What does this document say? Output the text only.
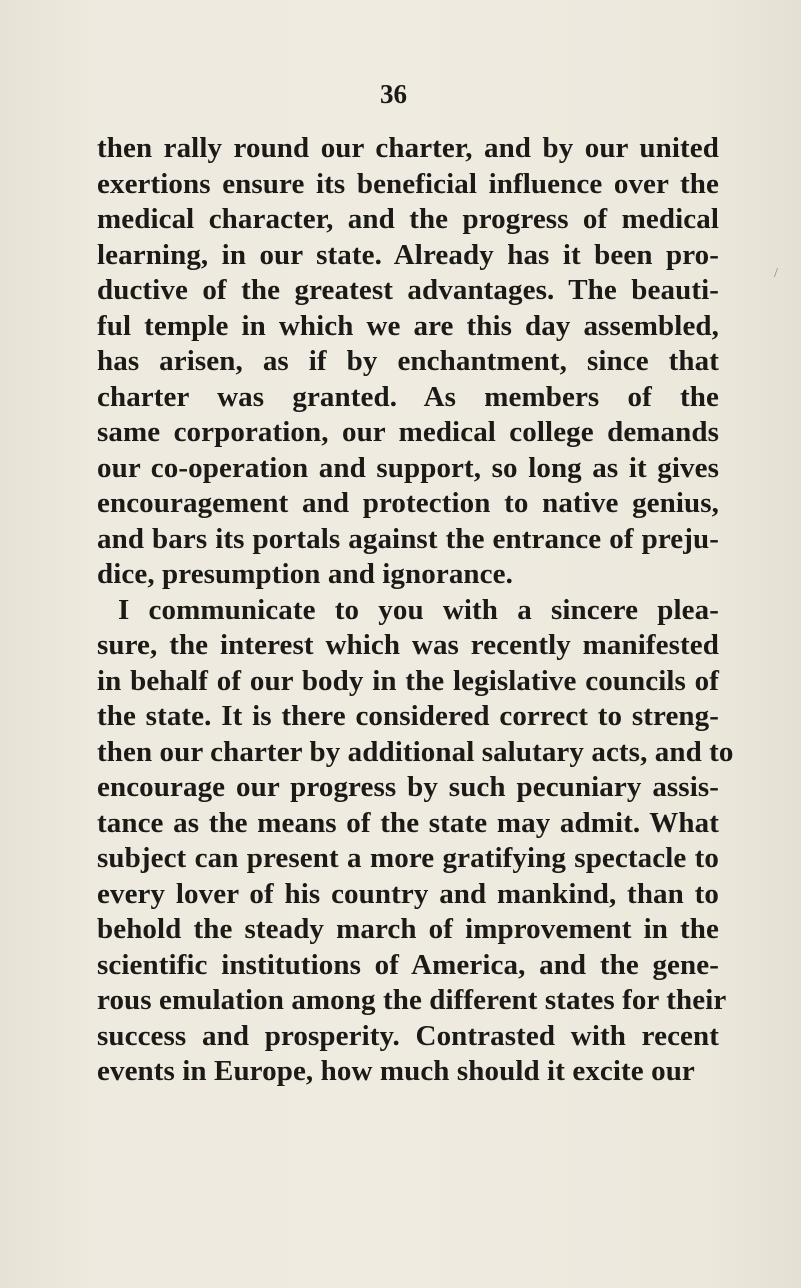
36
then rally round our charter, and by our united
exertions ensure its beneficial influence over the
medical character, and the progress of medical
learning, in our state. Already has it been pro-
ductive of the greatest advantages. The beauti-
ful temple in which we are this day assembled,
has arisen, as if by enchantment, since that
charter was granted. As members of the
same corporation, our medical college demands
our co-operation and support, so long as it gives
encouragement and protection to native genius,
and bars its portals against the entrance of preju-
dice, presumption and ignorance.
I communicate to you with a sincere plea-
sure, the interest which was recently manifested
in behalf of our body in the legislative councils of
the state. It is there considered correct to streng-
then our charter by additional salutary acts, and to
encourage our progress by such pecuniary assis-
tance as the means of the state may admit. What
subject can present a more gratifying spectacle to
every lover of his country and mankind, than to
behold the steady march of improvement in the
scientific institutions of America, and the gene-
rous emulation among the different states for their
success and prosperity. Contrasted with recent
events in Europe, how much should it excite our
/
